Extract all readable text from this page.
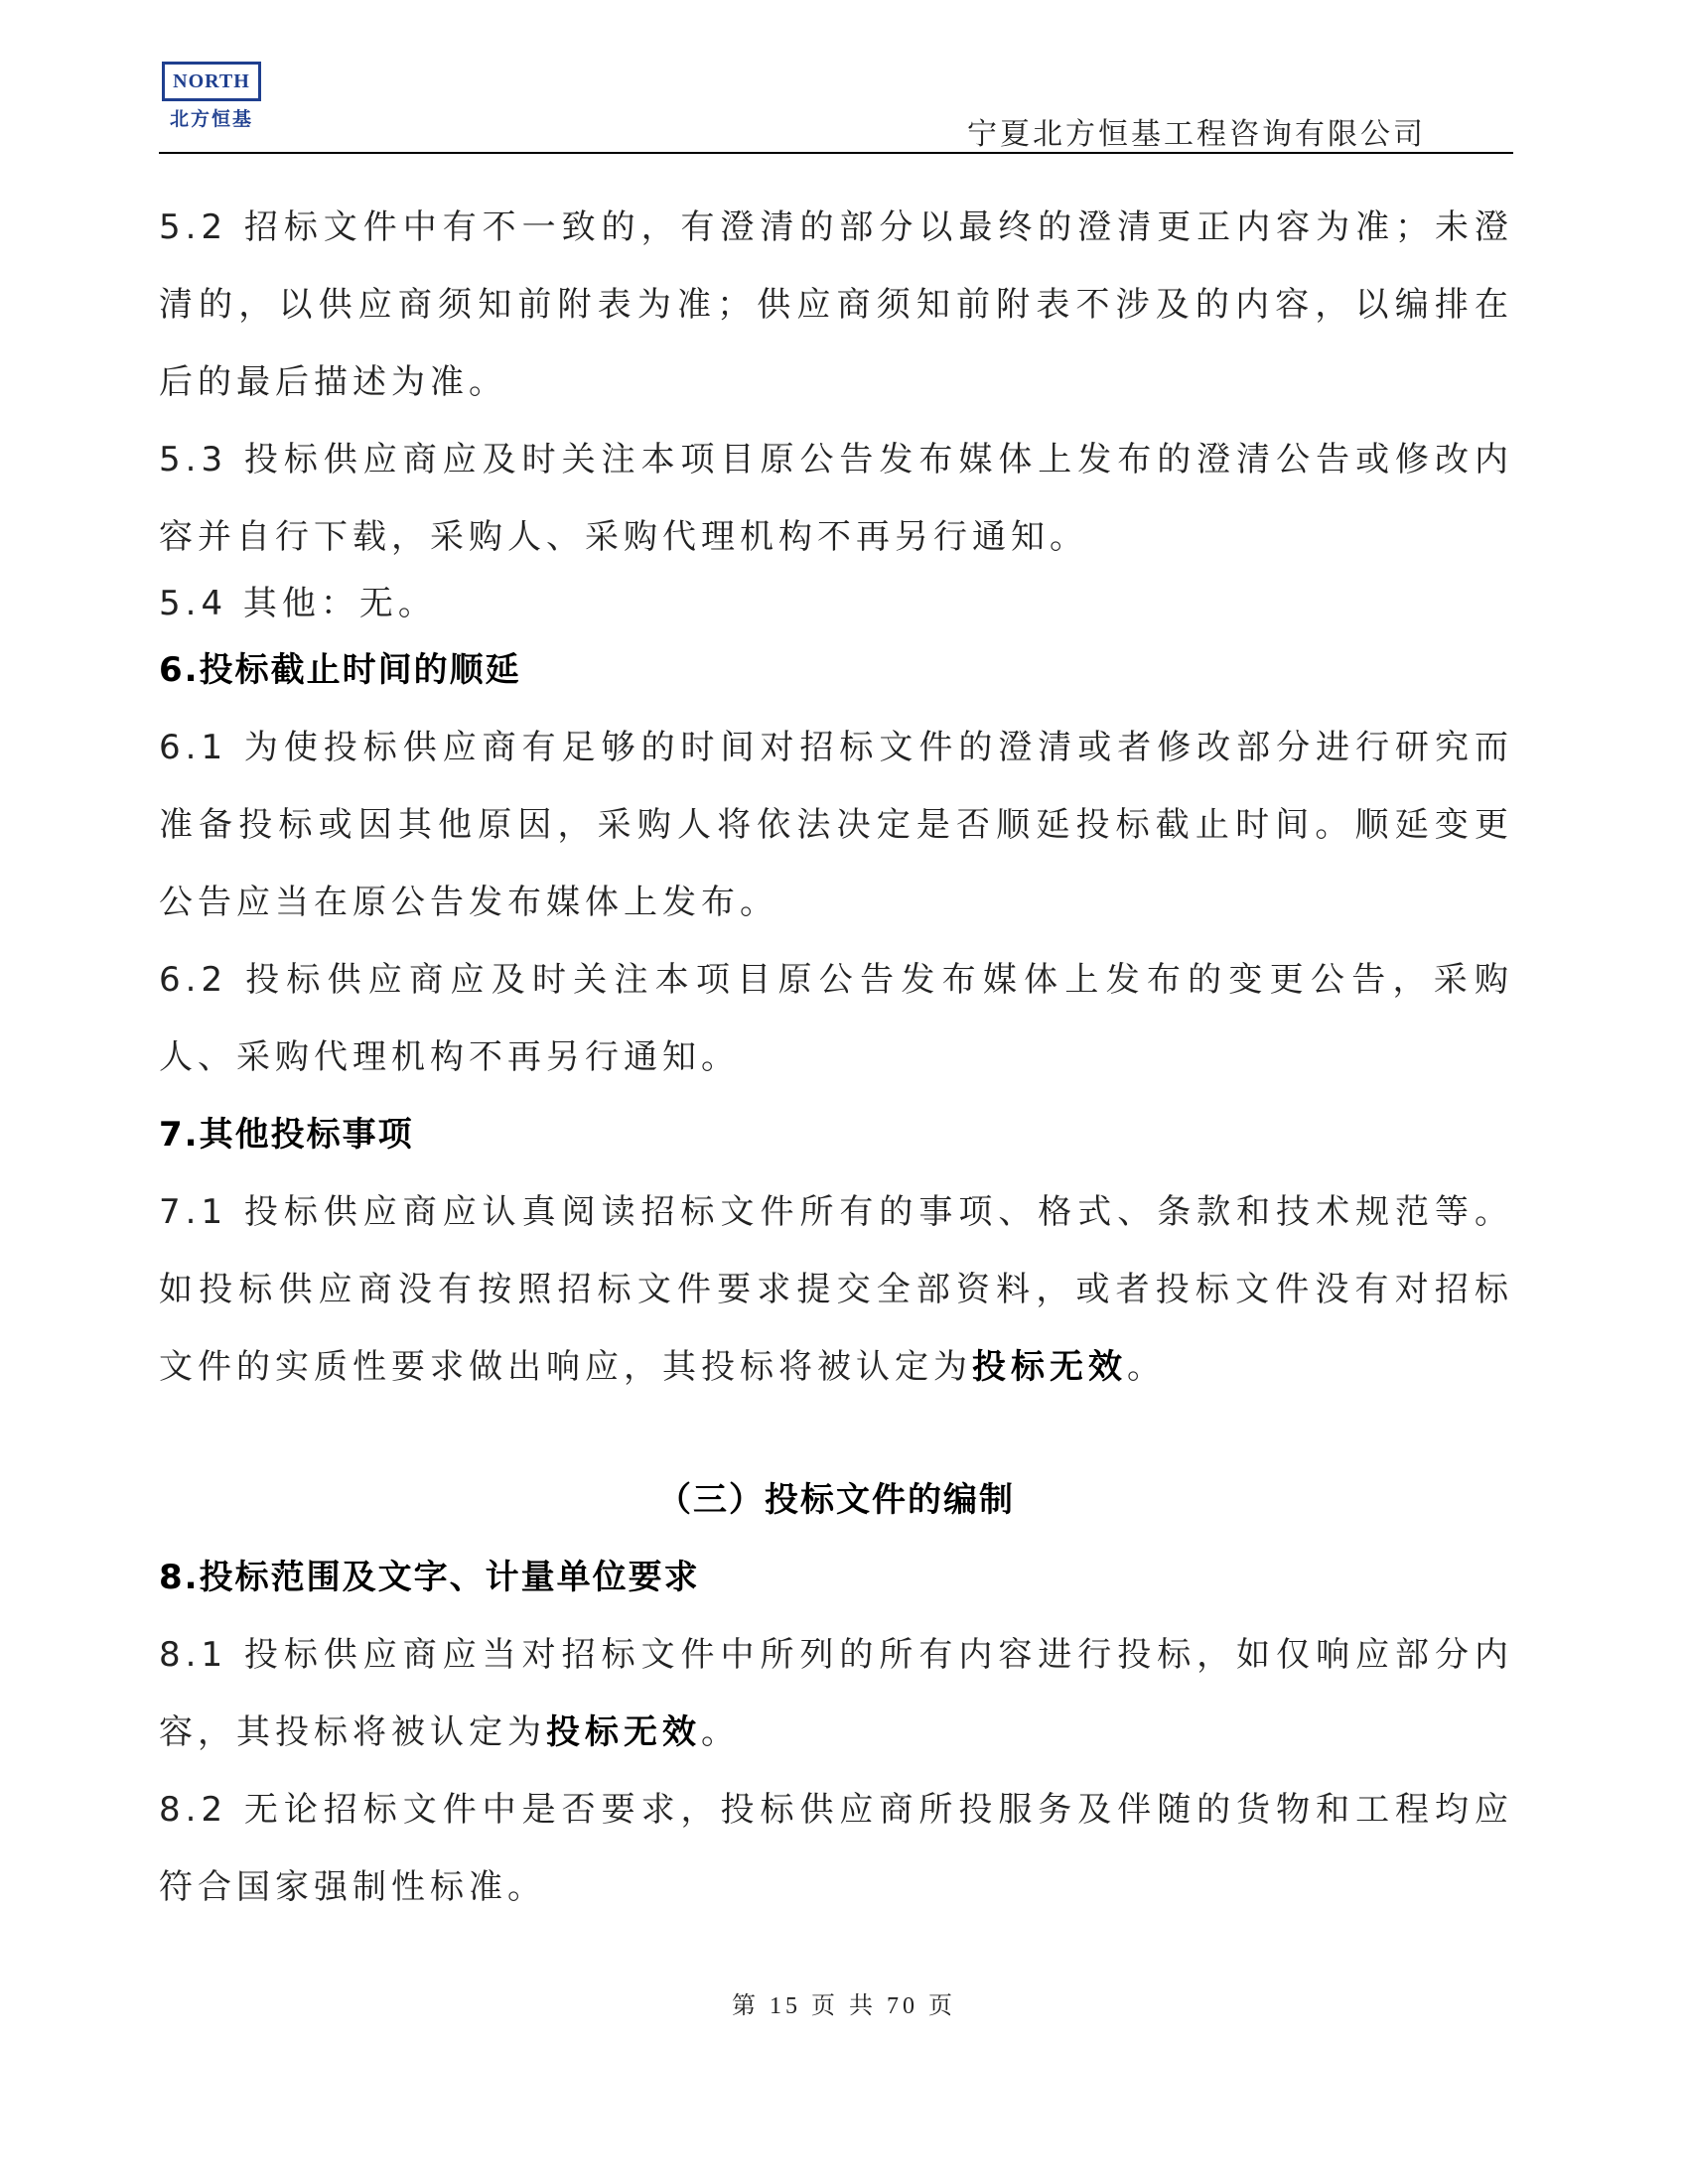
NORTH
北方恒基	宁夏北方恒基工程咨询有限公司

5.2 招标文件中有不一致的，有澄清的部分以最终的澄清更正内容为准；未澄清的，以供应商须知前附表为准；供应商须知前附表不涉及的内容，以编排在后的最后描述为准。

5.3 投标供应商应及时关注本项目原公告发布媒体上发布的澄清公告或修改内容并自行下载，采购人、采购代理机构不再另行通知。

5.4 其他：无。

6.投标截止时间的顺延

6.1 为使投标供应商有足够的时间对招标文件的澄清或者修改部分进行研究而准备投标或因其他原因，采购人将依法决定是否顺延投标截止时间。顺延变更公告应当在原公告发布媒体上发布。

6.2 投标供应商应及时关注本项目原公告发布媒体上发布的变更公告，采购人、采购代理机构不再另行通知。

7.其他投标事项

7.1 投标供应商应认真阅读招标文件所有的事项、格式、条款和技术规范等。如投标供应商没有按照招标文件要求提交全部资料，或者投标文件没有对招标文件的实质性要求做出响应，其投标将被认定为投标无效。

（三）投标文件的编制

8.投标范围及文字、计量单位要求

8.1 投标供应商应当对招标文件中所列的所有内容进行投标，如仅响应部分内容，其投标将被认定为投标无效。

8.2 无论招标文件中是否要求，投标供应商所投服务及伴随的货物和工程均应符合国家强制性标准。

第 15 页 共 70 页
